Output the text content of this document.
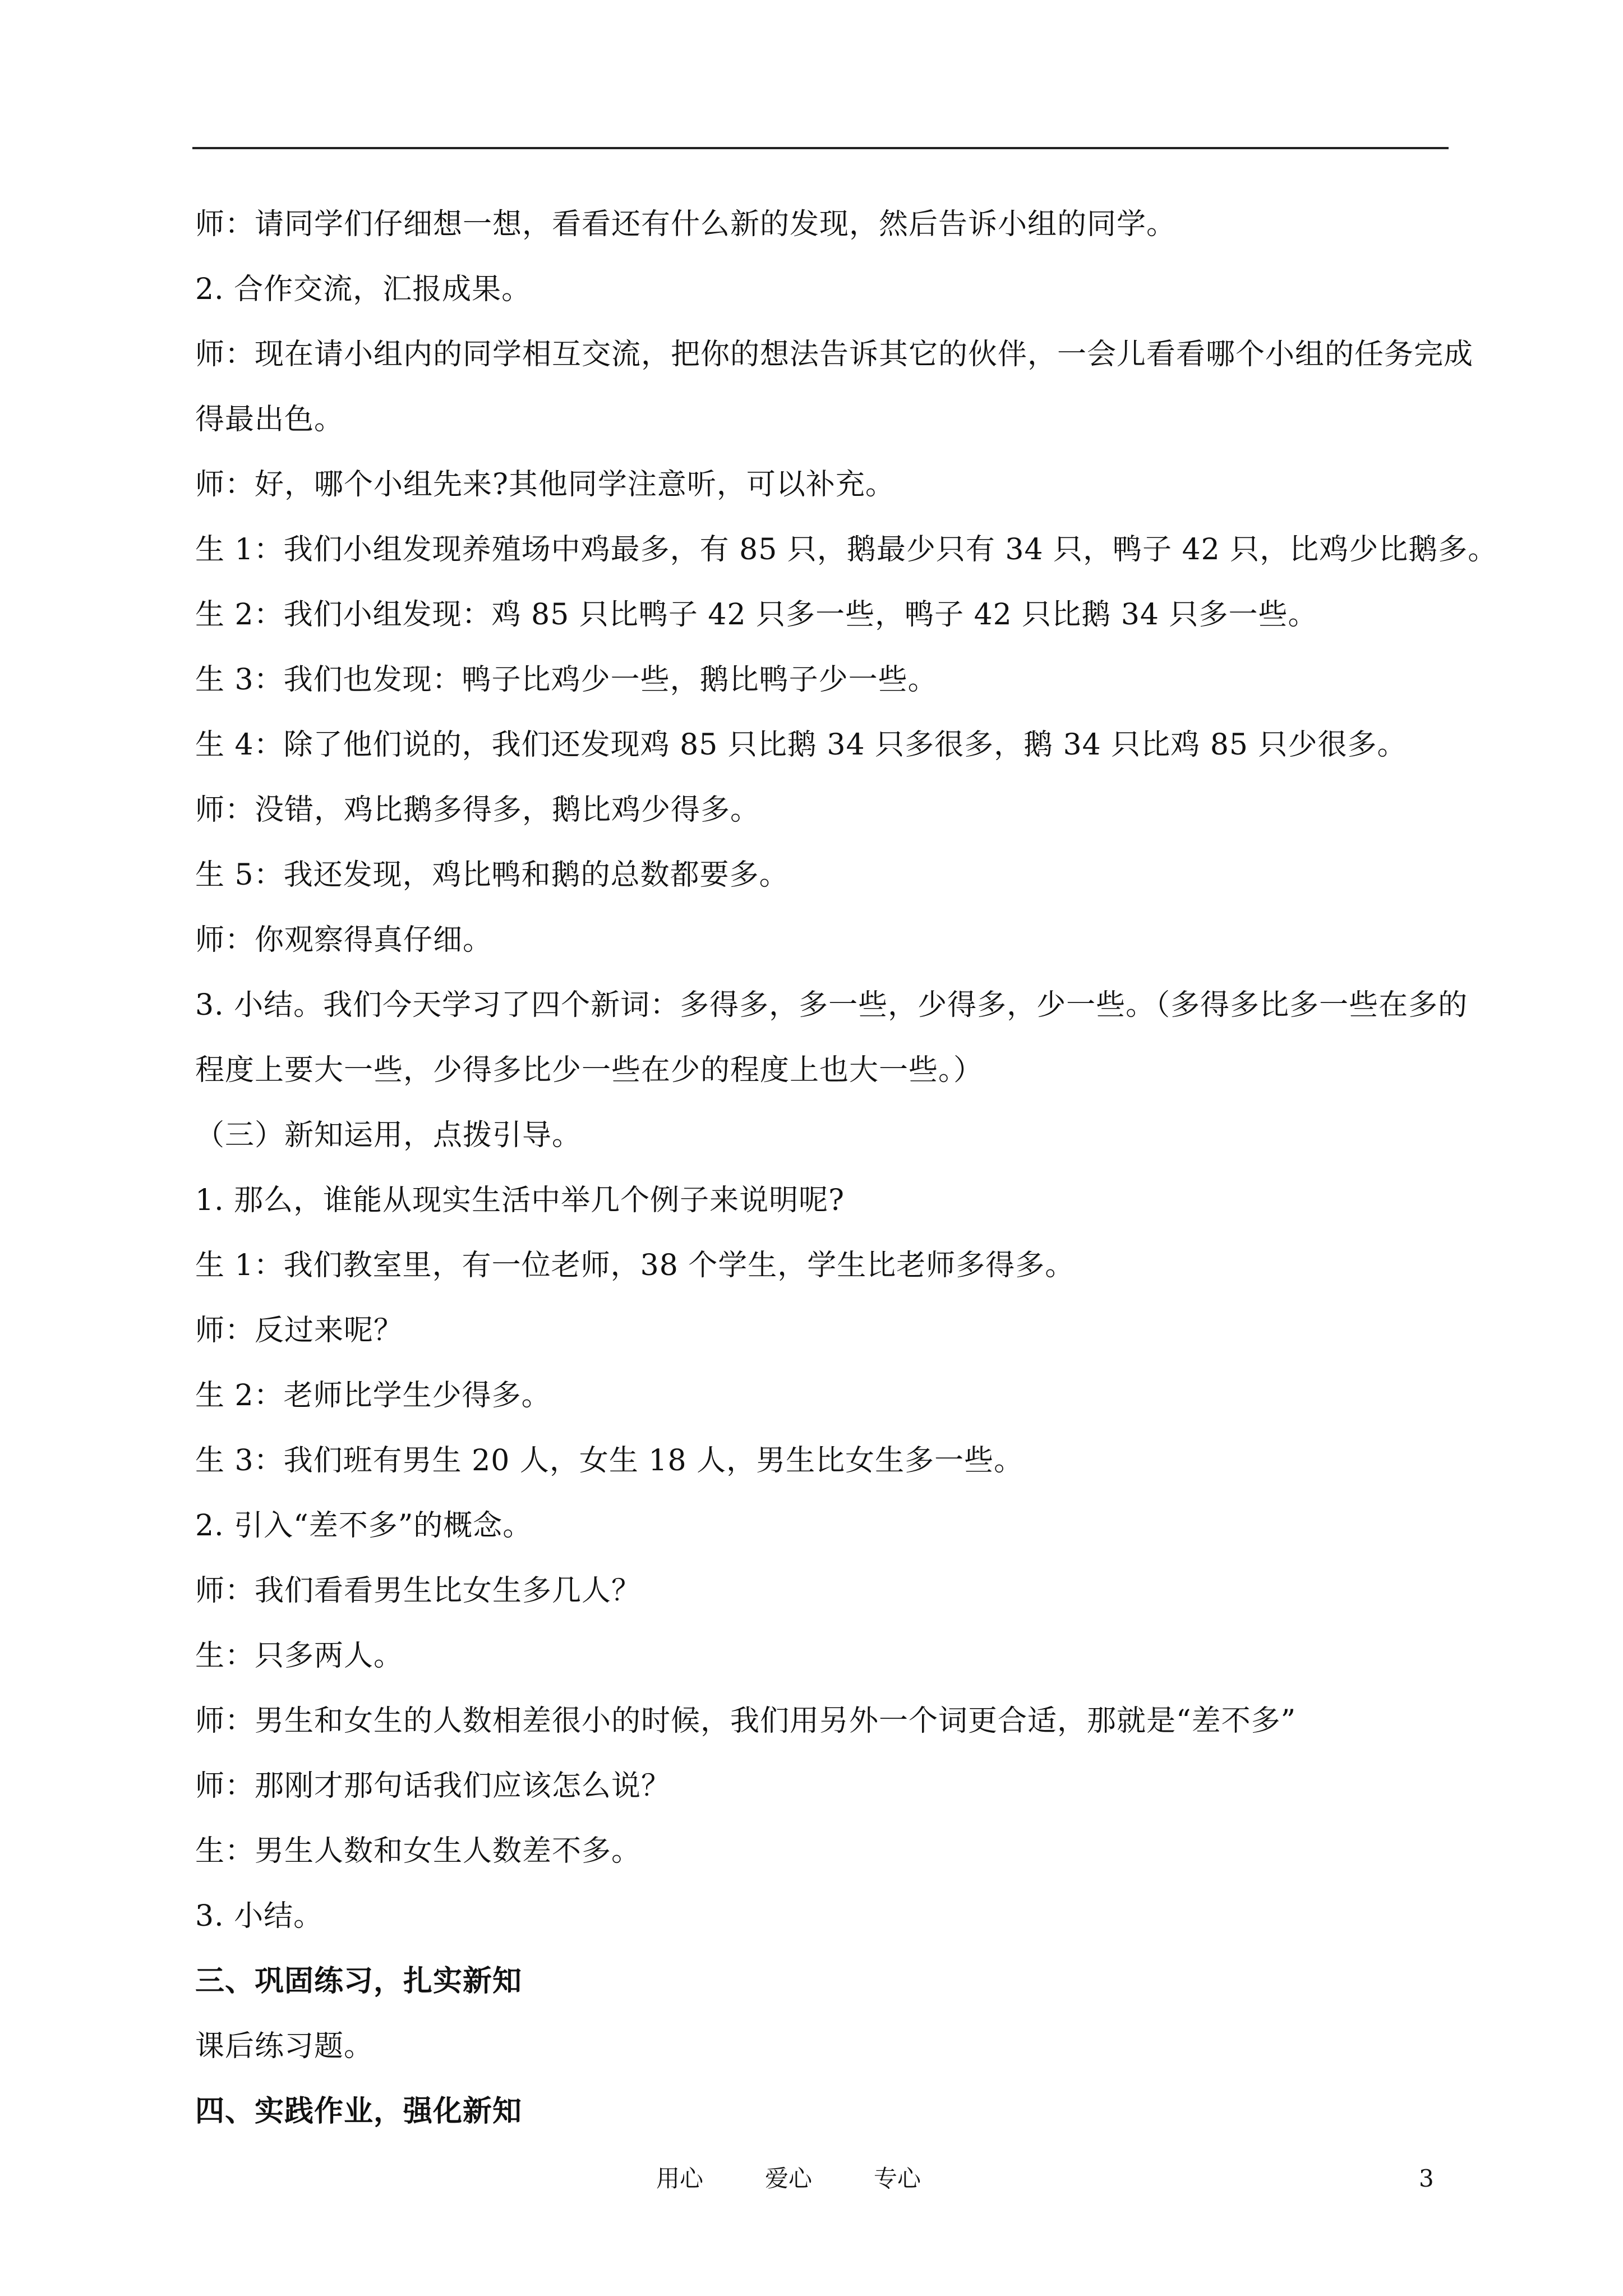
师：请同学们仔细想一想，看看还有什么新的发现，然后告诉小组的同学。
2. 合作交流，汇报成果。
师：现在请小组内的同学相互交流，把你的想法告诉其它的伙伴，一会儿看看哪个小组的任务完成
得最出色。
师：好，哪个小组先来?其他同学注意听，可以补充。
生 1：我们小组发现养殖场中鸡最多，有 85 只，鹅最少只有 34 只，鸭子 42 只，比鸡少比鹅多。
生 2：我们小组发现：鸡 85 只比鸭子 42 只多一些，鸭子 42 只比鹅 34 只多一些。
生 3：我们也发现：鸭子比鸡少一些，鹅比鸭子少一些。
生 4：除了他们说的，我们还发现鸡 85 只比鹅 34 只多很多，鹅 34 只比鸡 85 只少很多。
师：没错，鸡比鹅多得多，鹅比鸡少得多。
生 5：我还发现，鸡比鸭和鹅的总数都要多。
师：你观察得真仔细。
3. 小结。我们今天学习了四个新词：多得多，多一些，少得多，少一些。（多得多比多一些在多的
程度上要大一些，少得多比少一些在少的程度上也大一些。）
（三）新知运用，点拨引导。
1. 那么，谁能从现实生活中举几个例子来说明呢?
生 1：我们教室里，有一位老师，38 个学生，学生比老师多得多。
师：反过来呢？
生 2：老师比学生少得多。
生 3：我们班有男生 20 人，女生 18 人，男生比女生多一些。
2. 引入“差不多”的概念。
师：我们看看男生比女生多几人？
生：只多两人。
师：男生和女生的人数相差很小的时候，我们用另外一个词更合适，那就是“差不多”
师：那刚才那句话我们应该怎么说？
生：男生人数和女生人数差不多。
3. 小结。
三、巩固练习，扎实新知
课后练习题。
四、实践作业，强化新知
用心	爱心	专心	3
